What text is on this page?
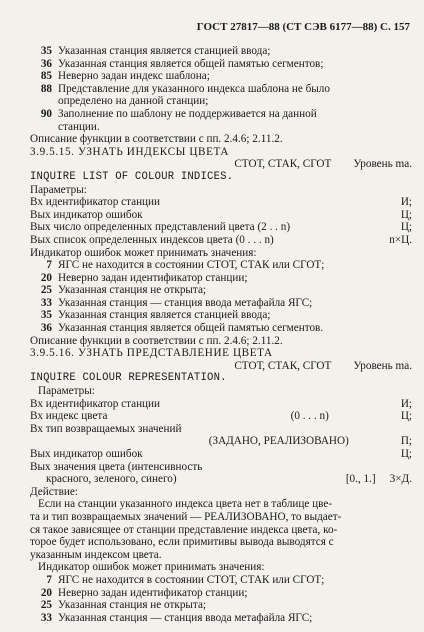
ГОСТ 27817—88 (СТ СЭВ 6177—88) С. 157
35 Указанная станция является станцией ввода;
36 Указанная станция является общей памятью сегментов;
85 Неверно задан индекс шаблона;
88 Представление для указанного индекса шаблона не было
определено на данной станции;
90 Заполнение по шаблону не поддерживается на данной
станции.
Описание функции в соответствии с пп. 2.4.6; 2.11.2.
3.9.5.15. УЗНАТЬ ИНДЕКСЫ ЦВЕТА
СТОТ, СТАК, СГОТ Уровень ma.
INQUIRE LIST OF COLOUR INDICES.
Параметры:
Вх идентификатор станции	И;
Вых индикатор ошибок	Ц;
Вых число определенных представлений цвета (2 . . n)	Ц;
Вых список определенных индексов цвета (0 . . . n)	n×Ц.
Индикатор ошибок может принимать значения:
7 ЯГС не находится в состоянии СТОТ, СТАК или СГОТ;
20 Неверно задан идентификатор станции;
25 Указанная станция не открыта;
33 Указанная станция — станция ввода метафайла ЯГС;
35 Указанная станция является станцией ввода;
36 Указанная станция является общей памятью сегментов.
Описание функции в соответствии с пп. 2.4.6; 2.11.2.
3.9.5.16. УЗНАТЬ ПРЕДСТАВЛЕНИЕ ЦВЕТА
СТОТ, СТАК, СГОТ Уровень ma.
INQUIRE COLOUR REPRESENTATION.
Параметры:
Вх идентификатор станции	И;
Вх индекс цвета	(0 . . . n)	Ц;
Вх тип возвращаемых значений
(ЗАДАНО, РЕАЛИЗОВАНО)	П;
Вых индикатор ошибок	Ц;
Вых значения цвета (интенсивность
красного, зеленого, синего)	[0., 1.] 3×Д.
Действие:
Если на станции указанного индекса цвета нет в таблице цве-
та и тип возвращаемых значений — РЕАЛИЗОВАНО, то выдает-
ся такое зависящее от станции представление индекса цвета, ко-
торое будет использовано, если примитивы вывода выводятся с
указанным индексом цвета.
Индикатор ошибок может принимать значения:
7 ЯГС не находится в состоянии СТОТ, СТАК или СГОТ;
20 Неверно задан идентификатор станции;
25 Указанная станция не открыта;
33 Указанная станция — станция ввода метафайла ЯГС;
